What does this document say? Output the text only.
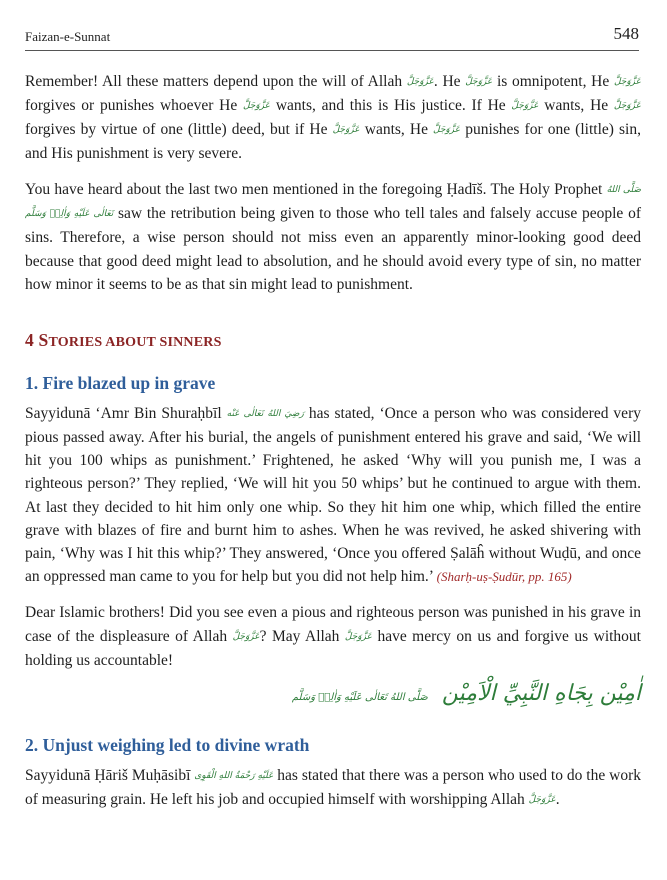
Faizan-e-Sunnat	548

Remember! All these matters depend upon the will of Allah عَزَّوَجَلَّ. He عَزَّوَجَلَّ is omnipotent, He عَزَّوَجَلَّ forgives or punishes whoever He عَزَّوَجَلَّ wants, and this is His justice. If He عَزَّوَجَلَّ wants, He عَزَّوَجَلَّ forgives by virtue of one (little) deed, but if He عَزَّوَجَلَّ wants, He عَزَّوَجَلَّ punishes for one (little) sin, and His punishment is very severe.

You have heard about the last two men mentioned in the foregoing Ḥadīš. The Holy Prophet صَلَّى اللهُ تَعَالٰى عَلَيْهِ وَاٰلِهٖ وَسَلَّم saw the retribution being given to those who tell tales and falsely accuse people of sins. Therefore, a wise person should not miss even an apparently minor-looking good deed because that good deed might lead to absolution, and he should avoid every type of sin, no matter how minor it seems to be as that sin might lead to punishment.

4 STORIES ABOUT SINNERS
1. Fire blazed up in grave

Sayyidunā ‘Amr Bin Shuraḥbīl رَضِيَ اللهُ تَعَالٰى عَنْه has stated, ‘Once a person who was considered very pious passed away. After his burial, the angels of punishment entered his grave and said, ‘We will hit you 100 whips as punishment.’ Frightened, he asked ‘Why will you punish me, I was a righteous person?’ They replied, ‘We will hit you 50 whips’ but he continued to argue with them. At last they decided to hit him only one whip. So they hit him one whip, which filled the entire grave with blazes of fire and burnt him to ashes. When he was revived, he asked shivering with pain, ‘Why was I hit this whip?’ They answered, ‘Once you offered Ṣalāĥ without Wuḍū, and once an oppressed man came to you for help but you did not help him.’ (Sharḥ-uṣ-Ṣudūr, pp. 165)

Dear Islamic brothers! Did you see even a pious and righteous person was punished in his grave in case of the displeasure of Allah عَزَّوَجَلَّ? May Allah عَزَّوَجَلَّ have mercy on us and forgive us without holding us accountable!

اٰمِيْن بِجَاهِ النَّبِيِّ الْاَمِيْن صَلَّى اللهُ تَعَالٰى عَلَيْهِ وَاٰلِهٖ وَسَلَّم
2. Unjust weighing led to divine wrath

Sayyidunā Ḥāriš Muḥāsibī عَلَيْهِ رَحْمَةُ اللهِ الْقَوِى has stated that there was a person who used to do the work of measuring grain. He left his job and occupied himself with worshipping Allah عَزَّوَجَلَّ.
